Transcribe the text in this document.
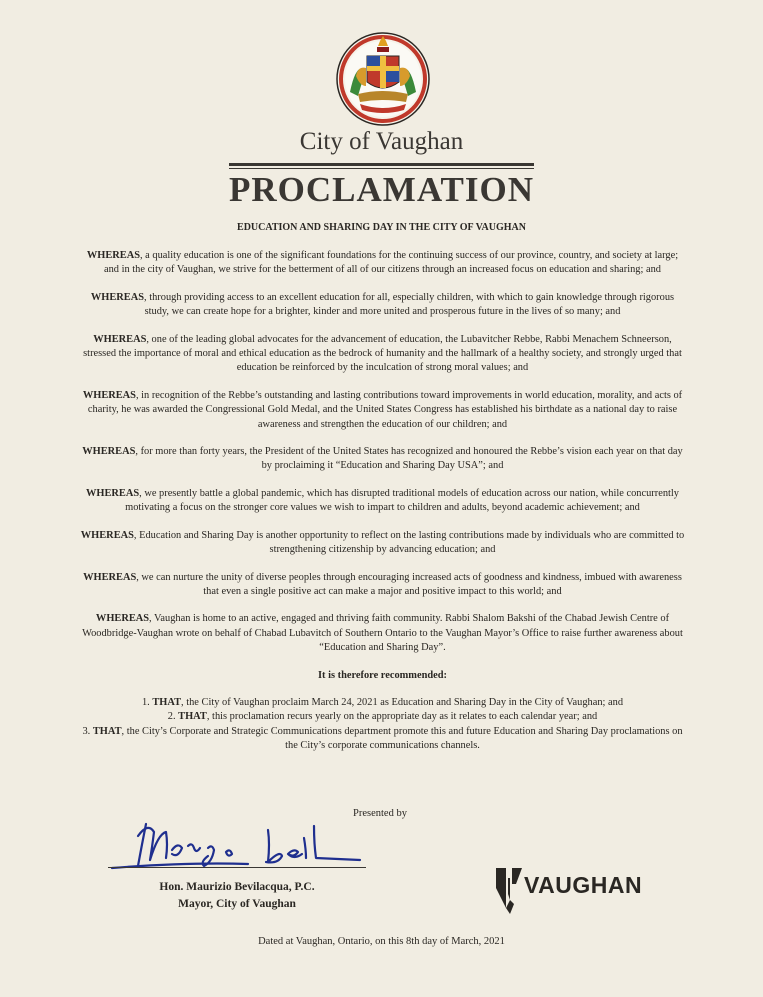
City of Vaughan
PROCLAMATION
EDUCATION AND SHARING DAY IN THE CITY OF VAUGHAN
WHEREAS, a quality education is one of the significant foundations for the continuing success of our province, country, and society at large; and in the city of Vaughan, we strive for the betterment of all of our citizens through an increased focus on education and sharing; and
WHEREAS, through providing access to an excellent education for all, especially children, with which to gain knowledge through rigorous study, we can create hope for a brighter, kinder and more united and prosperous future in the lives of so many; and
WHEREAS, one of the leading global advocates for the advancement of education, the Lubavitcher Rebbe, Rabbi Menachem Schneerson, stressed the importance of moral and ethical education as the bedrock of humanity and the hallmark of a healthy society, and strongly urged that education be reinforced by the inculcation of strong moral values; and
WHEREAS, in recognition of the Rebbe’s outstanding and lasting contributions toward improvements in world education, morality, and acts of charity, he was awarded the Congressional Gold Medal, and the United States Congress has established his birthdate as a national day to raise awareness and strengthen the education of our children; and
WHEREAS, for more than forty years, the President of the United States has recognized and honoured the Rebbe’s vision each year on that day by proclaiming it “Education and Sharing Day USA”; and
WHEREAS, we presently battle a global pandemic, which has disrupted traditional models of education across our nation, while concurrently motivating a focus on the stronger core values we wish to impart to children and adults, beyond academic achievement; and
WHEREAS, Education and Sharing Day is another opportunity to reflect on the lasting contributions made by individuals who are committed to strengthening citizenship by advancing education; and
WHEREAS, we can nurture the unity of diverse peoples through encouraging increased acts of goodness and kindness, imbued with awareness that even a single positive act can make a major and positive impact to this world; and
WHEREAS, Vaughan is home to an active, engaged and thriving faith community. Rabbi Shalom Bakshi of the Chabad Jewish Centre of Woodbridge-Vaughan wrote on behalf of Chabad Lubavitch of Southern Ontario to the Vaughan Mayor’s Office to raise further awareness about “Education and Sharing Day”.
It is therefore recommended:
1. THAT, the City of Vaughan proclaim March 24, 2021 as Education and Sharing Day in the City of Vaughan; and
2. THAT, this proclamation recurs yearly on the appropriate day as it relates to each calendar year; and
3. THAT, the City’s Corporate and Strategic Communications department promote this and future Education and Sharing Day proclamations on the City’s corporate communications channels.
Presented by
Hon. Maurizio Bevilacqua, P.C.
Mayor, City of Vaughan
VAUGHAN
Dated at Vaughan, Ontario, on this 8th day of March, 2021
